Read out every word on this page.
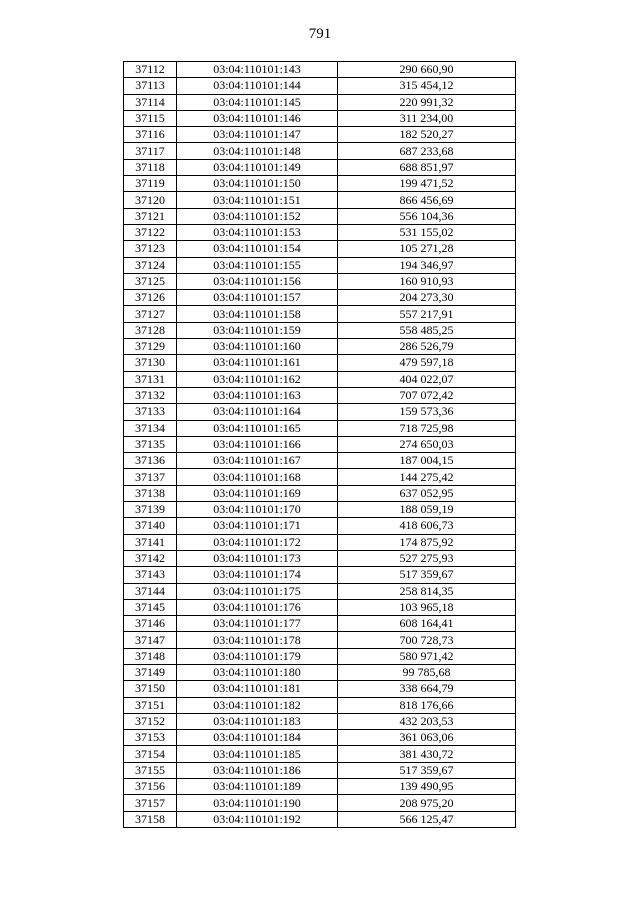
791
37112	03:04:110101:143	290 660,90
37113	03:04:110101:144	315 454,12
37114	03:04:110101:145	220 991,32
37115	03:04:110101:146	311 234,00
37116	03:04:110101:147	182 520,27
37117	03:04:110101:148	687 233,68
37118	03:04:110101:149	688 851,97
37119	03:04:110101:150	199 471,52
37120	03:04:110101:151	866 456,69
37121	03:04:110101:152	556 104,36
37122	03:04:110101:153	531 155,02
37123	03:04:110101:154	105 271,28
37124	03:04:110101:155	194 346,97
37125	03:04:110101:156	160 910,93
37126	03:04:110101:157	204 273,30
37127	03:04:110101:158	557 217,91
37128	03:04:110101:159	558 485,25
37129	03:04:110101:160	286 526,79
37130	03:04:110101:161	479 597,18
37131	03:04:110101:162	404 022,07
37132	03:04:110101:163	707 072,42
37133	03:04:110101:164	159 573,36
37134	03:04:110101:165	718 725,98
37135	03:04:110101:166	274 650,03
37136	03:04:110101:167	187 004,15
37137	03:04:110101:168	144 275,42
37138	03:04:110101:169	637 052,95
37139	03:04:110101:170	188 059,19
37140	03:04:110101:171	418 606,73
37141	03:04:110101:172	174 875,92
37142	03:04:110101:173	527 275,93
37143	03:04:110101:174	517 359,67
37144	03:04:110101:175	258 814,35
37145	03:04:110101:176	103 965,18
37146	03:04:110101:177	608 164,41
37147	03:04:110101:178	700 728,73
37148	03:04:110101:179	580 971,42
37149	03:04:110101:180	99 785,68
37150	03:04:110101:181	338 664,79
37151	03:04:110101:182	818 176,66
37152	03:04:110101:183	432 203,53
37153	03:04:110101:184	361 063,06
37154	03:04:110101:185	381 430,72
37155	03:04:110101:186	517 359,67
37156	03:04:110101:189	139 490,95
37157	03:04:110101:190	208 975,20
37158	03:04:110101:192	566 125,47
